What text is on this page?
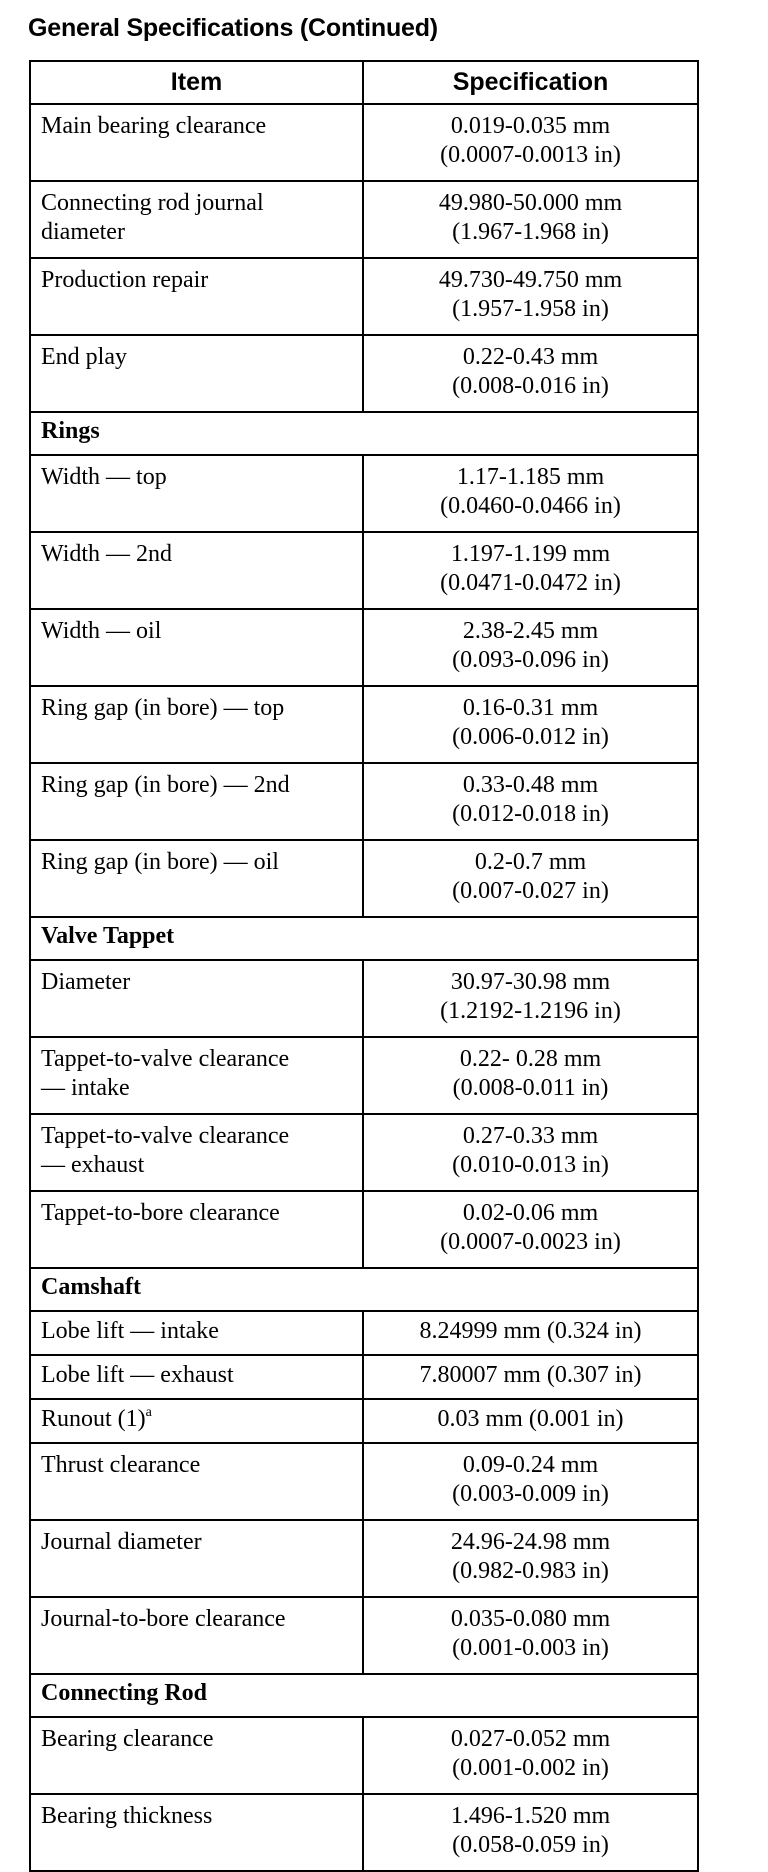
General Specifications (Continued)
Item	Specification

Main bearing clearance	0.019-0.035 mm
(0.0007-0.0013 in)

Connecting rod journal
diameter	49.980-50.000 mm
(1.967-1.968 in)

Production repair	49.730-49.750 mm
(1.957-1.958 in)

End play	0.22-0.43 mm
(0.008-0.016 in)

Rings	

Width — top	1.17-1.185 mm
(0.0460-0.0466 in)

Width — 2nd	1.197-1.199 mm
(0.0471-0.0472 in)

Width — oil	2.38-2.45 mm
(0.093-0.096 in)

Ring gap (in bore) — top	0.16-0.31 mm
(0.006-0.012 in)

Ring gap (in bore) — 2nd	0.33-0.48 mm
(0.012-0.018 in)

Ring gap (in bore) — oil	0.2-0.7 mm
(0.007-0.027 in)

Valve Tappet	

Diameter	30.97-30.98 mm
(1.2192-1.2196 in)

Tappet-to-valve clearance
— intake	0.22- 0.28 mm
(0.008-0.011 in)

Tappet-to-valve clearance
— exhaust	0.27-0.33 mm
(0.010-0.013 in)

Tappet-to-bore clearance	0.02-0.06 mm
(0.0007-0.0023 in)

Camshaft	

Lobe lift — intake	8.24999 mm (0.324 in)

Lobe lift — exhaust	7.80007 mm (0.307 in)

Runout $(1)^a$	0.03 mm (0.001 in)

Thrust clearance	0.09-0.24 mm
(0.003-0.009 in)

Journal diameter	24.96-24.98 mm
(0.982-0.983 in)

Journal-to-bore clearance	0.035-0.080 mm
(0.001-0.003 in)

Connecting Rod	

Bearing clearance	0.027-0.052 mm
(0.001-0.002 in)

Bearing thickness	1.496-1.520 mm
(0.058-0.059 in)
